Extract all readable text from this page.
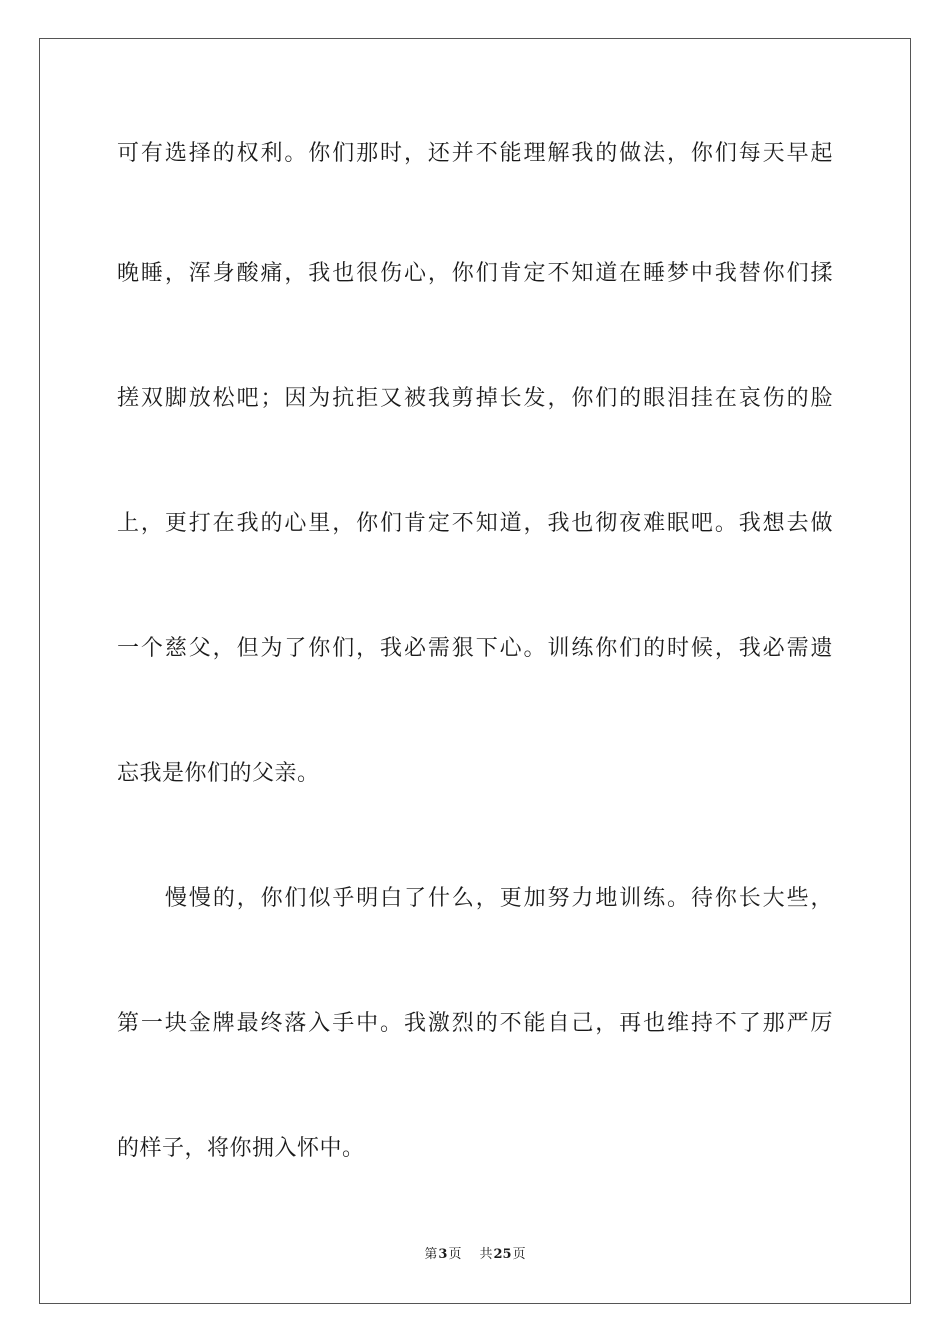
可有选择的权利。你们那时，还并不能理解我的做法，你们每天早起
晚睡，浑身酸痛，我也很伤心，你们肯定不知道在睡梦中我替你们揉
搓双脚放松吧；因为抗拒又被我剪掉长发，你们的眼泪挂在哀伤的脸
上，更打在我的心里，你们肯定不知道，我也彻夜难眠吧。我想去做
一个慈父，但为了你们，我必需狠下心。训练你们的时候，我必需遗
忘我是你们的父亲。
慢慢的，你们似乎明白了什么，更加努力地训练。待你长大些，
第一块金牌最终落入手中。我激烈的不能自己，再也维持不了那严厉
的样子，将你拥入怀中。
第3页 共25页
